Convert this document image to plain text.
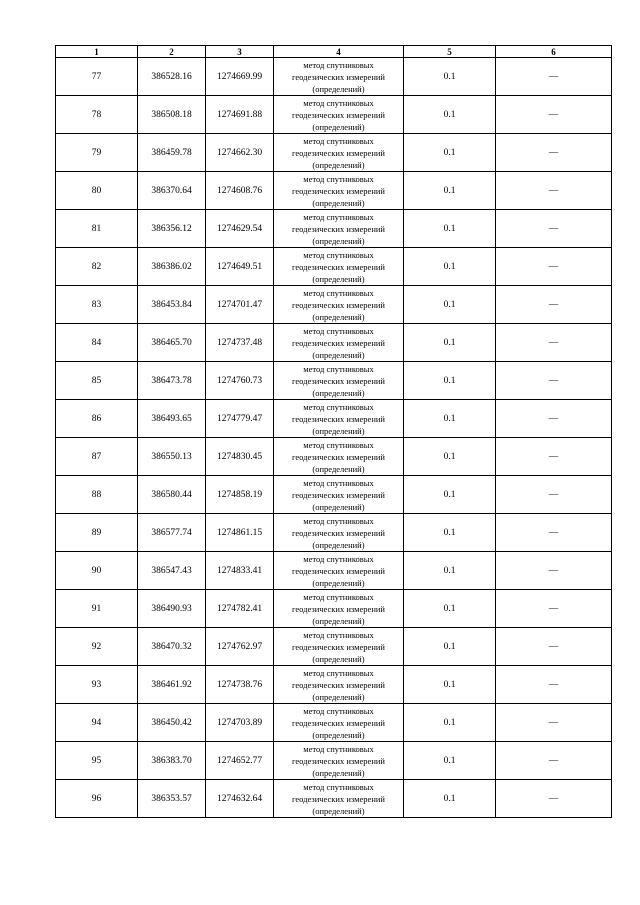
1	2	3	4	5	6
77	386528.16	1274669.99	метод спутниковых
геодезических измерений
(определений)	0.1	—
78	386508.18	1274691.88	метод спутниковых
геодезических измерений
(определений)	0.1	—
79	386459.78	1274662.30	метод спутниковых
геодезических измерений
(определений)	0.1	—
80	386370.64	1274608.76	метод спутниковых
геодезических измерений
(определений)	0.1	—
81	386356.12	1274629.54	метод спутниковых
геодезических измерений
(определений)	0.1	—
82	386386.02	1274649.51	метод спутниковых
геодезических измерений
(определений)	0.1	—
83	386453.84	1274701.47	метод спутниковых
геодезических измерений
(определений)	0.1	—
84	386465.70	1274737.48	метод спутниковых
геодезических измерений
(определений)	0.1	—
85	386473.78	1274760.73	метод спутниковых
геодезических измерений
(определений)	0.1	—
86	386493.65	1274779.47	метод спутниковых
геодезических измерений
(определений)	0.1	—
87	386550.13	1274830.45	метод спутниковых
геодезических измерений
(определений)	0.1	—
88	386580.44	1274858.19	метод спутниковых
геодезических измерений
(определений)	0.1	—
89	386577.74	1274861.15	метод спутниковых
геодезических измерений
(определений)	0.1	—
90	386547.43	1274833.41	метод спутниковых
геодезических измерений
(определений)	0.1	—
91	386490.93	1274782.41	метод спутниковых
геодезических измерений
(определений)	0.1	—
92	386470.32	1274762.97	метод спутниковых
геодезических измерений
(определений)	0.1	—
93	386461.92	1274738.76	метод спутниковых
геодезических измерений
(определений)	0.1	—
94	386450.42	1274703.89	метод спутниковых
геодезических измерений
(определений)	0.1	—
95	386383.70	1274652.77	метод спутниковых
геодезических измерений
(определений)	0.1	—
96	386353.57	1274632.64	метод спутниковых
геодезических измерений
(определений)	0.1	—
